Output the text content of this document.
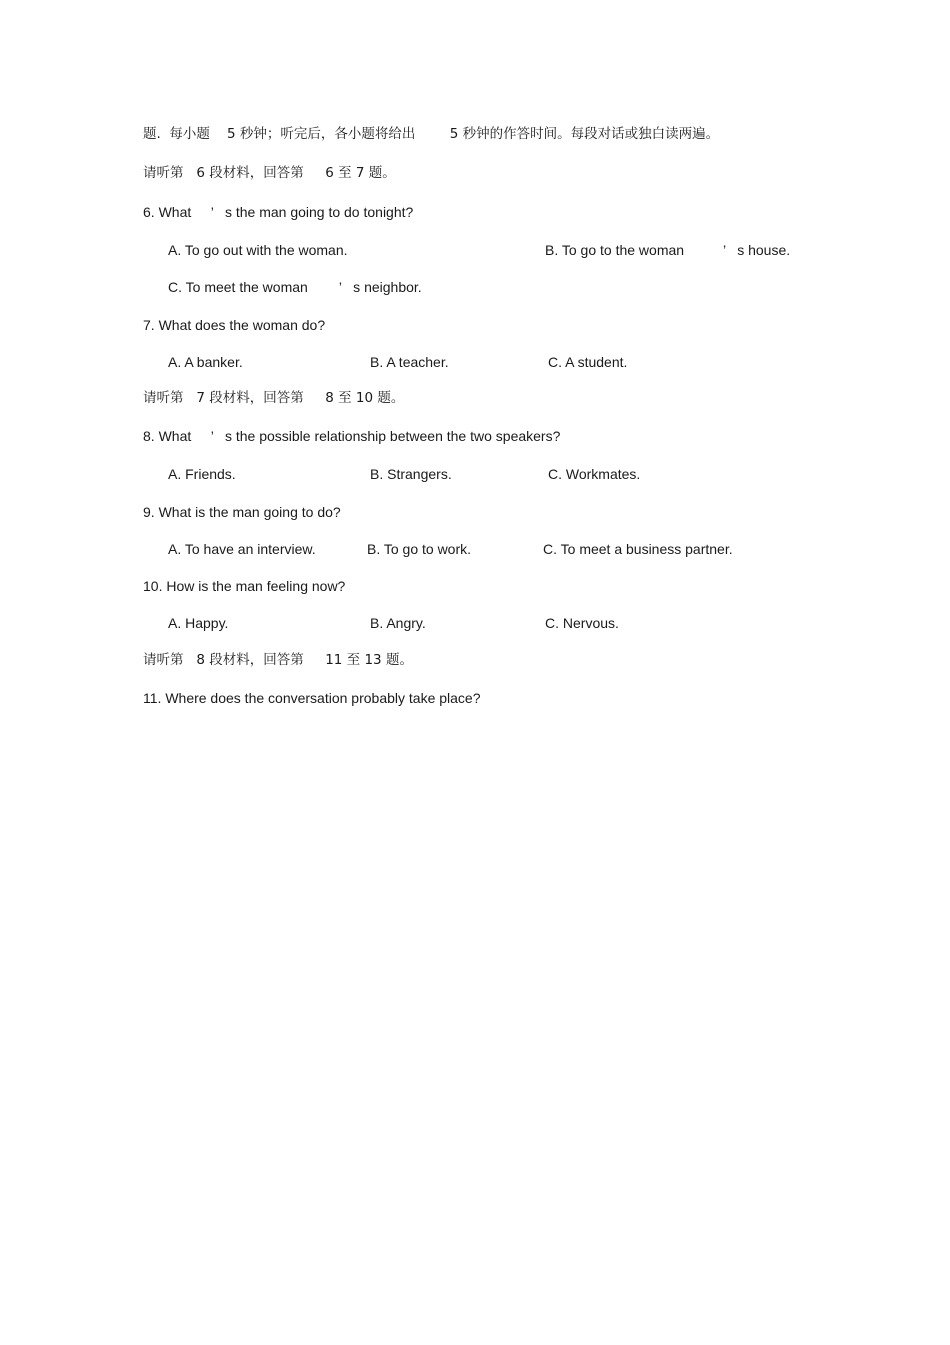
题.  每小题    5 秒钟；听完后，各小题将给出        5 秒钟的作答时间。每段对话或独白读两遍。
请听第   6 段材料，回答第     6 至 7 题。
6. What     ’   s the man going to do tonight?
A. To go out with the woman.	B. To go to the woman          ’   s house.
C. To meet the woman        ’   s neighbor.
7. What does the woman do?
A. A banker.	B. A teacher.	C. A student.
请听第   7 段材料，回答第     8 至 10 题。
8. What     ’   s the possible relationship between the two speakers?
A. Friends.	B. Strangers.	C. Workmates.
9. What is the man going to do?
A. To have an interview.	B. To go to work.	C. To meet a business partner.
10. How is the man feeling now?
A. Happy.	B. Angry.	C. Nervous.
请听第   8 段材料，回答第     11 至 13 题。
11. Where does the conversation probably take place?
